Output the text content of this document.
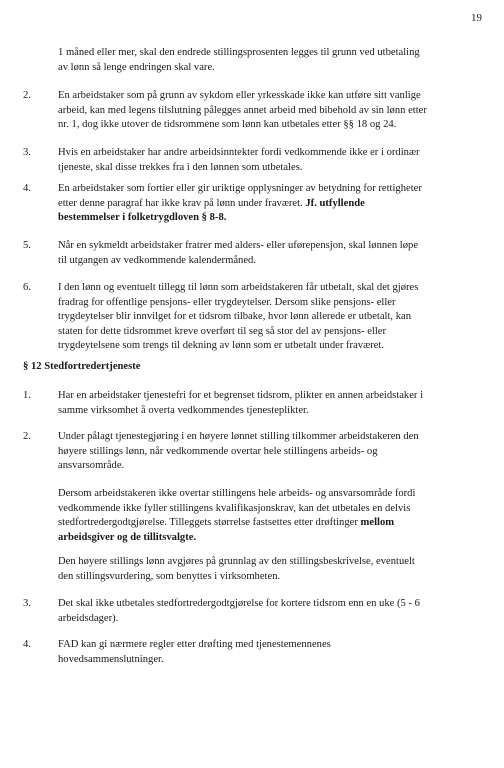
19
1 måned eller mer, skal den endrede stillingsprosenten legges til grunn ved utbetaling
av lønn så lenge endringen skal vare.
2.	En arbeidstaker som på grunn av sykdom eller yrkesskade ikke kan utføre sitt vanlige
arbeid, kan med legens tilslutning pålegges annet arbeid med bibehold av sin lønn etter
nr. 1, dog ikke utover de tidsrommene som lønn kan utbetales etter §§ 18 og 24.
3.	Hvis en arbeidstaker har andre arbeidsinntekter fordi vedkommende ikke er i ordinær
tjeneste, skal disse trekkes fra i den lønnen som utbetales.
4.	En arbeidstaker som fortier eller gir uriktige opplysninger av betydning for rettigheter
etter denne paragraf har ikke krav på lønn under fraværet. Jf. utfyllende
bestemmelser i folketrygdloven § 8-8.
5.	Når en sykmeldt arbeidstaker fratrer med alders- eller uførepensjon, skal lønnen løpe
til utgangen av vedkommende kalendermåned.
6.	I den lønn og eventuelt tillegg til lønn som arbeidstakeren får utbetalt, skal det gjøres
fradrag for offentlige pensjons- eller trygdeytelser. Dersom slike pensjons- eller
trygdeytelser blir innvilget for et tidsrom tilbake, hvor lønn allerede er utbetalt, kan
staten for dette tidsrommet kreve overført til seg så stor del av pensjons- eller
trygdeytelsene som trengs til dekning av lønn som er utbetalt under fraværet.
§ 12 Stedfortredertjeneste
1.	Har en arbeidstaker tjenestefri for et begrenset tidsrom, plikter en annen arbeidstaker i
samme virksomhet å overta vedkommendes tjenesteplikter.
2.	Under pålagt tjenestegjøring i en høyere lønnet stilling tilkommer arbeidstakeren den
høyere stillings lønn, når vedkommende overtar hele stillingens arbeids- og
ansvarsområde.
Dersom arbeidstakeren ikke overtar stillingens hele arbeids- og ansvarsområde fordi
vedkommende ikke fyller stillingens kvalifikasjonskrav, kan det utbetales en delvis
stedfortredergodtgjørelse. Tilleggets størrelse fastsettes etter drøftinger mellom
arbeidsgiver og de tillitsvalgte.
Den høyere stillings lønn avgjøres på grunnlag av den stillingsbeskrivelse, eventuelt
den stillingsvurdering, som benyttes i virksomheten.
3.	Det skal ikke utbetales stedfortredergodtgjørelse for kortere tidsrom enn en uke (5 - 6
arbeidsdager).
4.	FAD kan gi nærmere regler etter drøfting med tjenestemennenes
hovedsammenslutninger.
